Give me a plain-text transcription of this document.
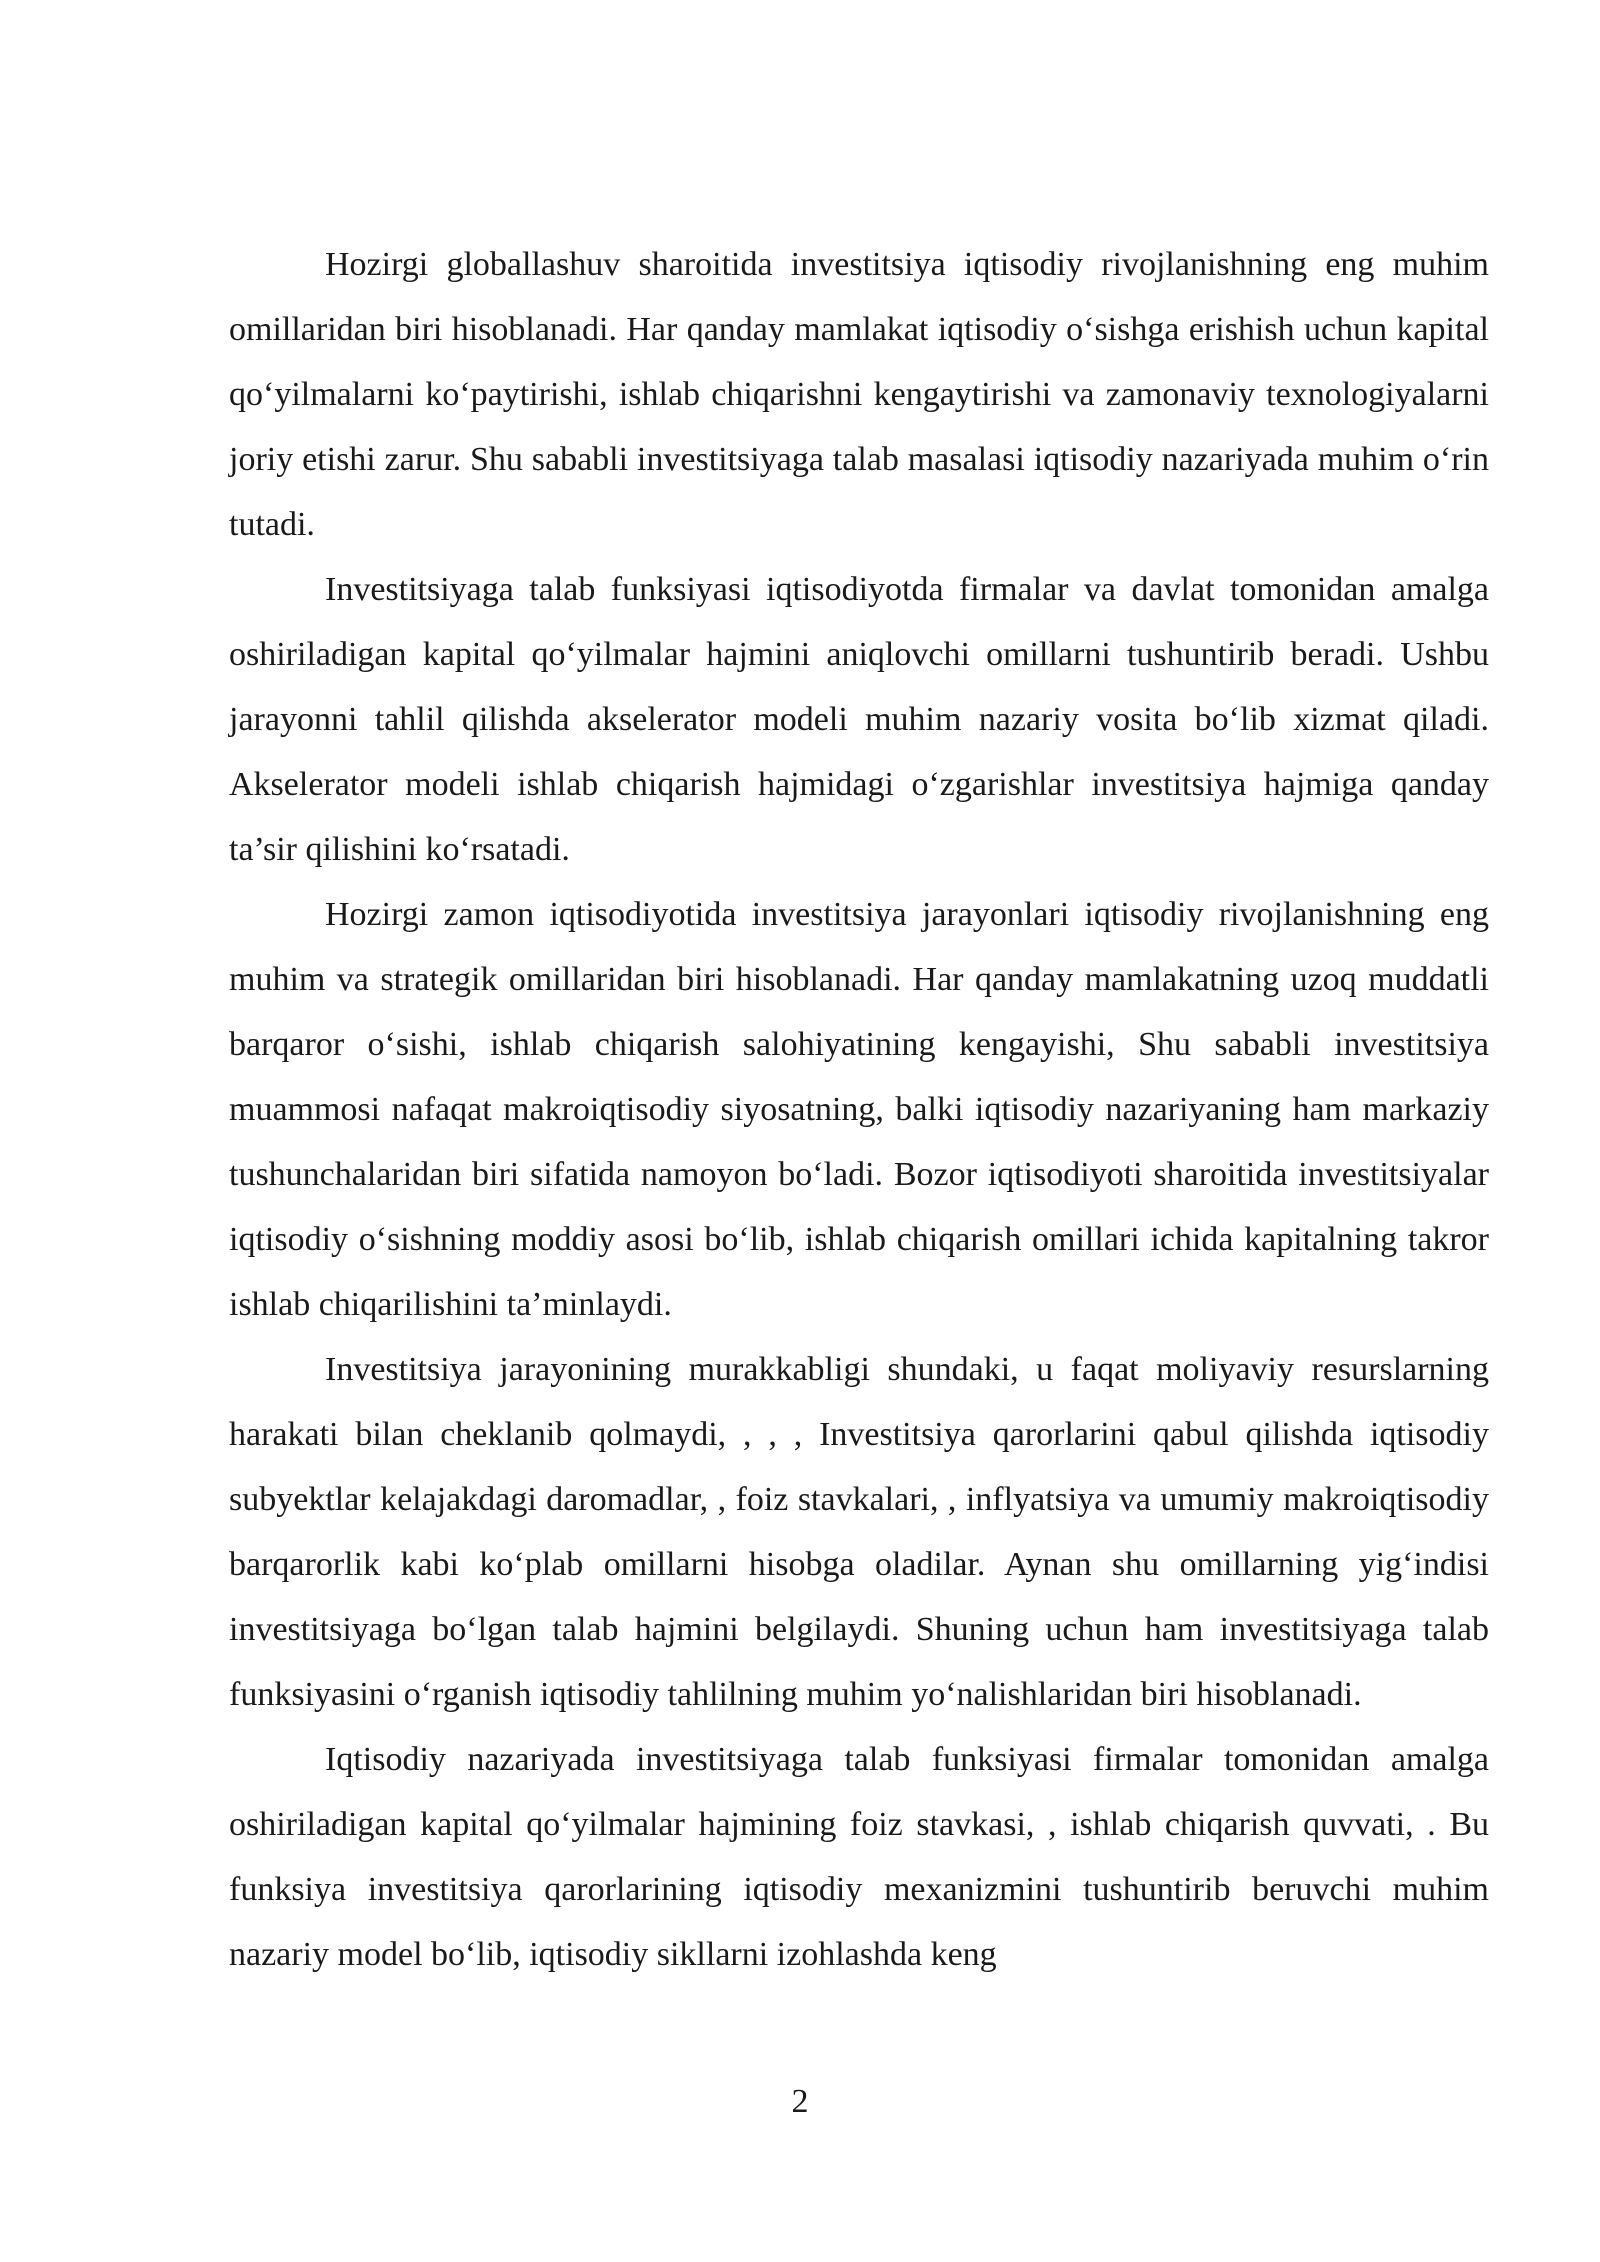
Hozirgi globallashuv sharoitida investitsiya iqtisodiy rivojlanishning eng muhim omillaridan biri hisoblanadi. Har qanday mamlakat iqtisodiy o‘sishga erishish uchun kapital qo‘yilmalarni ko‘paytirishi, ishlab chiqarishni kengaytirishi va zamonaviy texnologiyalarni joriy etishi zarur. Shu sababli investitsiyaga talab masalasi iqtisodiy nazariyada muhim o‘rin tutadi.

Investitsiyaga talab funksiyasi iqtisodiyotda firmalar va davlat tomonidan amalga oshiriladigan kapital qo‘yilmalar hajmini aniqlovchi omillarni tushuntirib beradi. Ushbu jarayonni tahlil qilishda akselerator modeli muhim nazariy vosita bo‘lib xizmat qiladi. Akselerator modeli ishlab chiqarish hajmidagi o‘zgarishlar investitsiya hajmiga qanday ta’sir qilishini ko‘rsatadi.

Hozirgi zamon iqtisodiyotida investitsiya jarayonlari iqtisodiy rivojlanishning eng muhim va strategik omillaridan biri hisoblanadi. Har qanday mamlakatning uzoq muddatli barqaror o‘sishi, ishlab chiqarish salohiyatining kengayishi, Shu sababli investitsiya muammosi nafaqat makroiqtisodiy siyosatning, balki iqtisodiy nazariyaning ham markaziy tushunchalaridan biri sifatida namoyon bo‘ladi. Bozor iqtisodiyoti sharoitida investitsiyalar iqtisodiy o‘sishning moddiy asosi bo‘lib, ishlab chiqarish omillari ichida kapitalning takror ishlab chiqarilishini ta’minlaydi.

Investitsiya jarayonining murakkabligi shundaki, u faqat moliyaviy resurslarning harakati bilan cheklanib qolmaydi, , , , Investitsiya qarorlarini qabul qilishda iqtisodiy subyektlar kelajakdagi daromadlar, , foiz stavkalari, , inflyatsiya va umumiy makroiqtisodiy barqarorlik kabi ko‘plab omillarni hisobga oladilar. Aynan shu omillarning yig‘indisi investitsiyaga bo‘lgan talab hajmini belgilaydi. Shuning uchun ham investitsiyaga talab funksiyasini o‘rganish iqtisodiy tahlilning muhim yo‘nalishlaridan biri hisoblanadi.

Iqtisodiy nazariyada investitsiyaga talab funksiyasi firmalar tomonidan amalga oshiriladigan kapital qo‘yilmalar hajmining foiz stavkasi, , ishlab chiqarish quvvati, . Bu funksiya investitsiya qarorlarining iqtisodiy mexanizmini tushuntirib beruvchi muhim nazariy model bo‘lib, iqtisodiy sikllarni izohlashda keng

2
